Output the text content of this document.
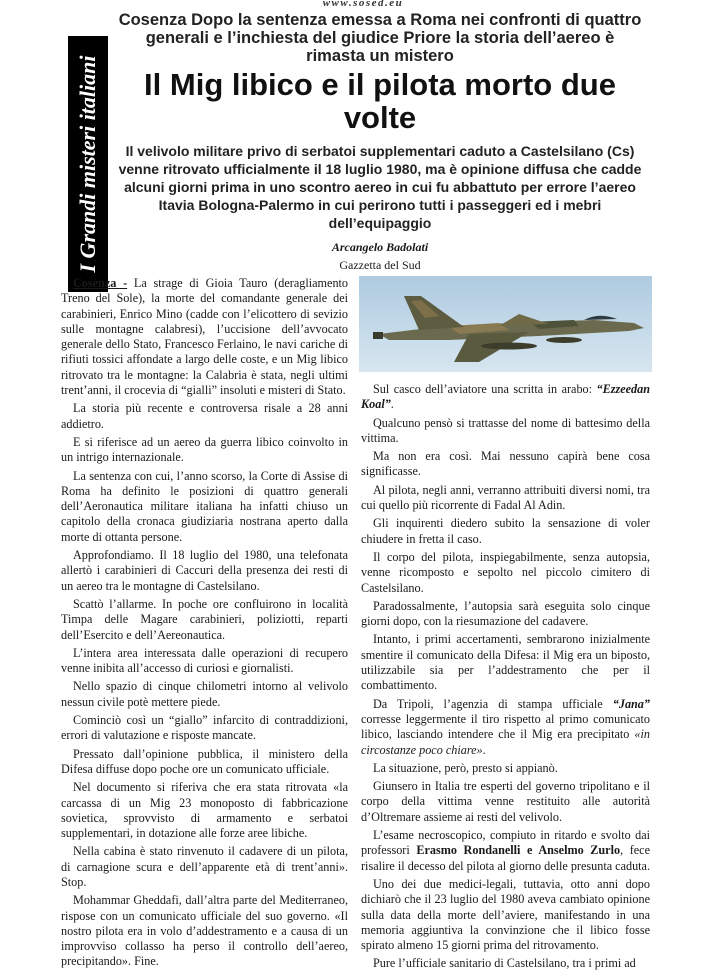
www.sosed.eu
I Grandi misteri italiani
Cosenza Dopo la sentenza emessa a Roma nei confronti di quattro generali e l’inchiesta del giudice Priore la storia dell’aereo è rimasta un mistero
Il Mig libico e il pilota morto due volte
Il velivolo militare privo di serbatoi supplementari caduto a Castelsilano (Cs) venne ritrovato ufficialmente il 18 luglio 1980, ma è opinione diffusa che cadde alcuni giorni prima in uno scontro aereo in cui fu abbattuto per errore l’aereo Itavia Bologna-Palermo in cui perirono tutti i passeggeri ed i mebri dell’equipaggio
Arcangelo Badolati
Gazzetta del Sud

Cosenza - La strage di Gioia Tauro (deragliamento Treno del Sole), la morte del comandante generale dei carabinieri, Enrico Mino (cadde con l’elicottero di sevizio sulle montagne calabresi), l’uccisione dell’avvocato generale dello Stato, Francesco Ferlaino, le navi cariche di rifiuti tossici affondate a largo delle coste, e un Mig libico ritrovato tra le montagne: la Calabria è stata, negli ultimi trent’anni, il crocevia di “gialli” insoluti e misteri di Stato.

La storia più recente e controversa risale a 28 anni addietro.

E si riferisce ad un aereo da guerra libico coinvolto in un intrigo internazionale.

La sentenza con cui, l’anno scorso, la Corte di Assise di Roma ha definito le posizioni di quattro generali dell’Aeronautica militare italiana ha infatti chiuso un capitolo della cronaca giudiziaria nostrana aperto dalla morte di ottanta persone.

Approfondiamo. Il 18 luglio del 1980, una telefonata allertò i carabinieri di Caccuri della presenza dei resti di un aereo tra le montagne di Castelsilano.

Scattò l’allarme. In poche ore confluirono in località Timpa delle Magare carabinieri, poliziotti, reparti dell’Esercito e dell’Aereonautica.

L’intera area interessata dalle operazioni di recupero venne inibita all’accesso di curiosi e giornalisti.

Nello spazio di cinque chilometri intorno al velivolo nessun civile potè mettere piede.

Cominciò così un “giallo” infarcito di contraddizioni, errori di valutazione e risposte mancate.

Pressato dall’opinione pubblica, il ministero della Difesa diffuse dopo poche ore un comunicato ufficiale.

Nel documento si riferiva che era stata ritrovata «la carcassa di un Mig 23 monoposto di fabbricazione sovietica, sprovvisto di armamento e serbatoi supplementari, in dotazione alle forze aree libiche.

Nella cabina è stato rinvenuto il cadavere di un pilota, di carnagione scura e dell’apparente età di trent’anni». Stop.

Mohammar Gheddafi, dall’altra parte del Mediterraneo, rispose con un comunicato ufficiale del suo governo. «Il nostro pilota era in volo d’addestramento e a causa di un improvviso collasso ha perso il controllo dell’aereo, precipitando». Fine.

Sul casco dell’aviatore una scritta in arabo: “Ezzeedan Koal”.

Qualcuno pensò si trattasse del nome di battesimo della vittima.

Ma non era così. Mai nessuno capirà bene cosa significasse.

Al pilota, negli anni, verranno attribuiti diversi nomi, tra cui quello più ricorrente di Fadal Al Adin.

Gli inquirenti diedero subito la sensazione di voler chiudere in fretta il caso.

Il corpo del pilota, inspiegabilmente, senza autopsia, venne ricomposto e sepolto nel piccolo cimitero di Castelsilano.

Paradossalmente, l’autopsia sarà eseguita solo cinque giorni dopo, con la riesumazione del cadavere.

Intanto, i primi accertamenti, sembrarono inizialmente smentire il comunicato della Difesa: il Mig era un biposto, utilizzabile sia per l’addestramento che per il combattimento.

Da Tripoli, l’agenzia di stampa ufficiale “Jana” corresse leggermente il tiro rispetto al primo comunicato libico, lasciando intendere che il Mig era precipitato «in circostanze poco chiare».

La situazione, però, presto si appianò.

Giunsero in Italia tre esperti del governo tripolitano e il corpo della vittima venne restituito alle autorità d’Oltremare assieme ai resti del velivolo.

L’esame necroscopico, compiuto in ritardo e svolto dai professori Erasmo Rondanelli e Anselmo Zurlo, fece risalire il decesso del pilota al giorno delle presunta caduta.

Uno dei due medici-legali, tuttavia, otto anni dopo dichiarò che il 23 luglio del 1980 aveva cambiato opinione sulla data della morte dell’aviere, manifestando in una memoria aggiuntiva la convinzione che il libico fosse spirato almeno 15 giorni prima del ritrovamento.

Pure l’ufficiale sanitario di Castelsilano, tra i primi ad
